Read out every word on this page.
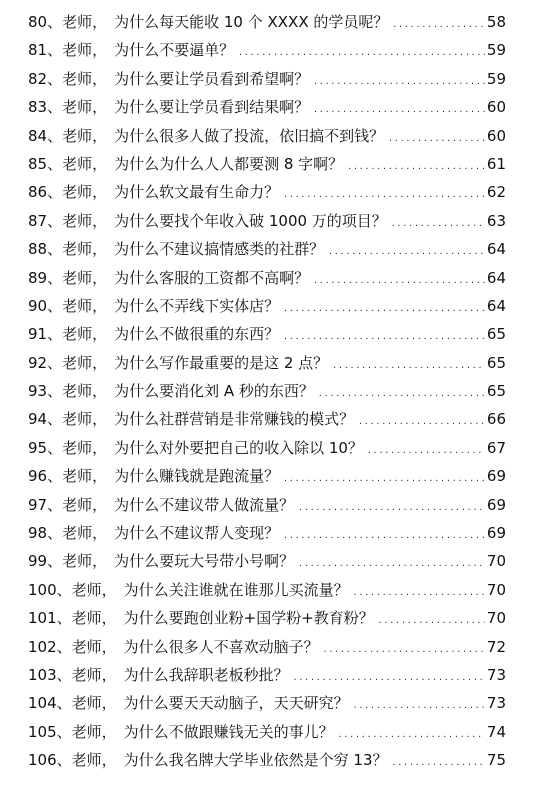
80、老师， 为什么每天能收 10 个 XXXX 的学员呢？ .....	58
81、老师， 为什么不要逼单？ .....	59
82、老师， 为什么要让学员看到希望啊？ .....	59
83、老师， 为什么要让学员看到结果啊？ .....	60
84、老师， 为什么很多人做了投流，依旧搞不到钱？ .....	60
85、老师， 为什么为什么人人都要测 8 字啊？ .....	61
86、老师， 为什么软文最有生命力？ .....	62
87、老师， 为什么要找个年收入破 1000 万的项目？ .....	63
88、老师， 为什么不建议搞情感类的社群？ .....	64
89、老师， 为什么客服的工资都不高啊？ .....	64
90、老师， 为什么不弄线下实体店？ .....	64
91、老师， 为什么不做很重的东西？ .....	65
92、老师， 为什么写作最重要的是这 2 点？ .....	65
93、老师， 为什么要消化刘 A 秒的东西？ .....	65
94、老师， 为什么社群营销是非常赚钱的模式？ .....	66
95、老师， 为什么对外要把自己的收入除以 10？ .....	67
96、老师， 为什么赚钱就是跑流量？ .....	69
97、老师， 为什么不建议带人做流量？ .....	69
98、老师， 为什么不建议帮人变现？ .....	69
99、老师， 为什么要玩大号带小号啊？ .....	70
100、老师， 为什么关注谁就在谁那儿买流量？ .....	70
101、老师， 为什么要跑创业粉+国学粉+教育粉？ .....	70
102、老师， 为什么很多人不喜欢动脑子？ .....	72
103、老师， 为什么我辞职老板秒批？ .....	73
104、老师， 为什么要天天动脑子，天天研究？ .....	73
105、老师， 为什么不做跟赚钱无关的事儿？ .....	74
106、老师， 为什么我名牌大学毕业依然是个穷 13？ .....	75
